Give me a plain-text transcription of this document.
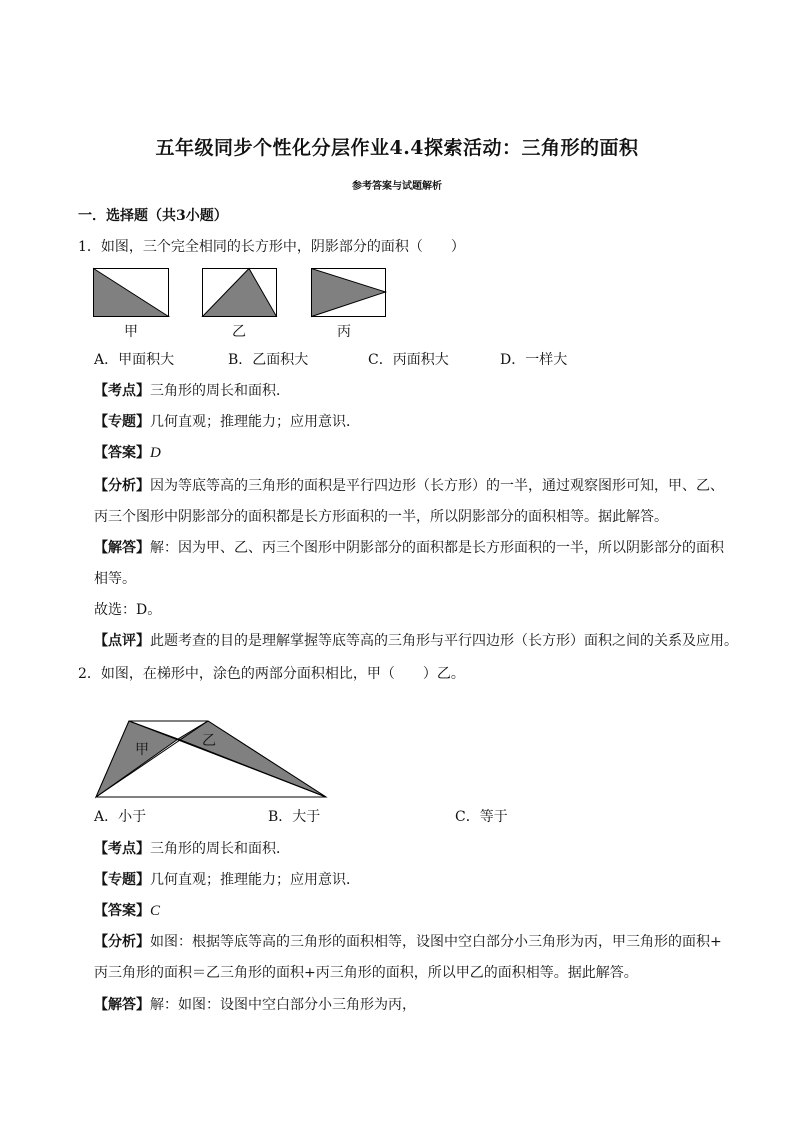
五年级同步个性化分层作业4.4探索活动：三角形的面积
参考答案与试题解析
一．选择题（共3小题）
1．如图，三个完全相同的长方形中，阴影部分的面积（　　）
甲	乙	丙
A．甲面积大	B．乙面积大	C．丙面积大	D．一样大
【考点】三角形的周长和面积．
【专题】几何直观；推理能力；应用意识．
【答案】D
【分析】因为等底等高的三角形的面积是平行四边形（长方形）的一半，通过观察图形可知，甲、乙、
丙三个图形中阴影部分的面积都是长方形面积的一半，所以阴影部分的面积相等。据此解答。
【解答】解：因为甲、乙、丙三个图形中阴影部分的面积都是长方形面积的一半，所以阴影部分的面积
相等。
故选：D。
【点评】此题考查的目的是理解掌握等底等高的三角形与平行四边形（长方形）面积之间的关系及应用。
2．如图，在梯形中，涂色的两部分面积相比，甲（　　）乙。
甲
乙
A．小于	B．大于	C．等于
【考点】三角形的周长和面积．
【专题】几何直观；推理能力；应用意识．
【答案】C
【分析】如图：根据等底等高的三角形的面积相等，设图中空白部分小三角形为丙，甲三角形的面积+
丙三角形的面积＝乙三角形的面积+丙三角形的面积，所以甲乙的面积相等。据此解答。
【解答】解：如图：设图中空白部分小三角形为丙，
